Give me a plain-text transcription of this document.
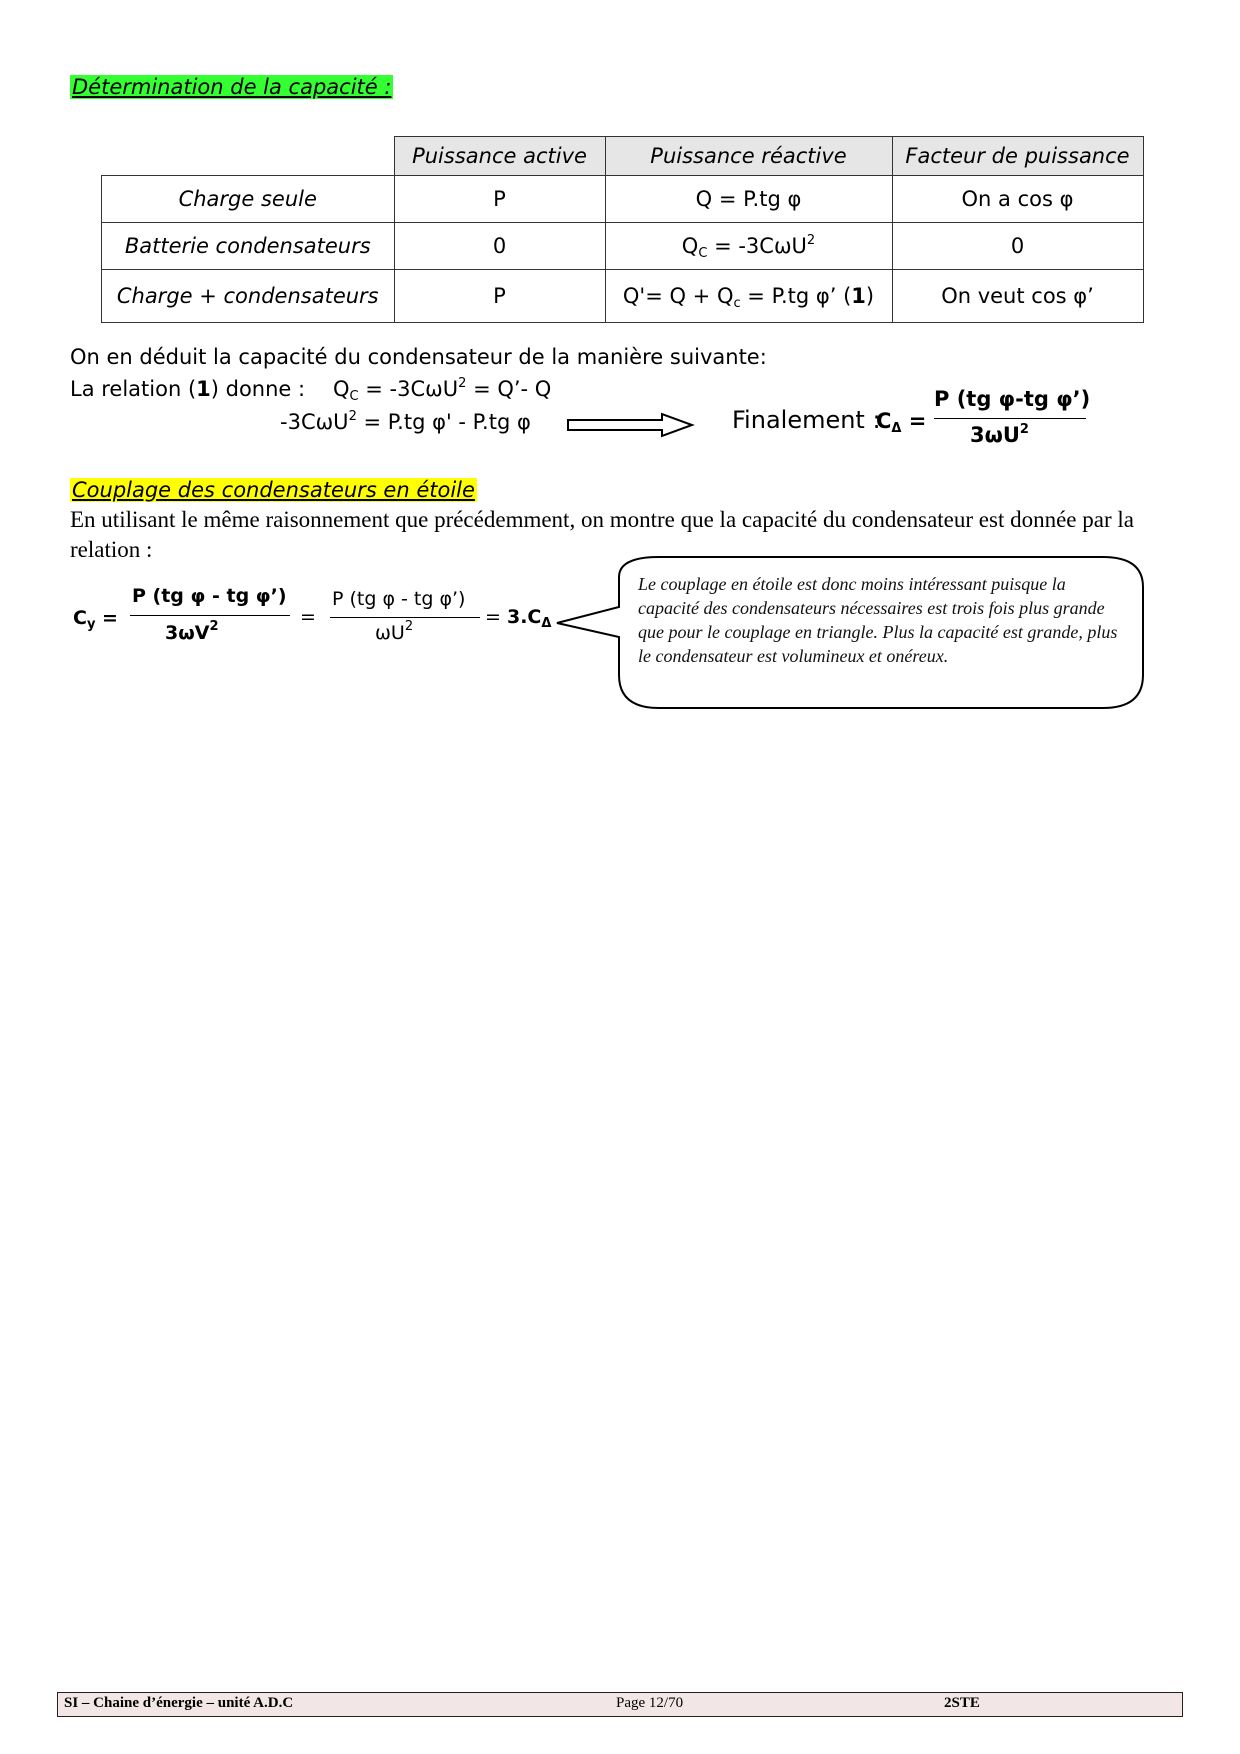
Détermination de la capacité :
	Puissance active	Puissance réactive	Facteur de puissance
Charge seule	P	Q = P.tg φ	On a cos φ
Batterie condensateurs	0	$Q_C = -3C\omega U^2$	0
Charge + condensateurs	P	$Q'= Q + Q_c = P.tg$ φ’ (1)	On veut cos φ’
On en déduit la capacité du condensateur de la manière suivante:
La relation (1) donne : $Q_C = -3C\omega U^2$ = Q’- Q
-3CωU$^2$ = P.tg φ' - P.tg φ	Finalement :
$C_\Delta$ =
P (tg φ-tg φ’)
$3\omega U^2$
Couplage des condensateurs en étoile
En utilisant le même raisonnement que précédemment, on montre que la capacité du condensateur est donnée par la relation :
$C_y$ =
P (tg φ - tg φ’)
$3\omega V^2$	=
P (tg φ - tg φ’)
$\omega U^2$	= $3.C_\Delta$
Le couplage en étoile est donc moins intéressant puisque la capacité des condensateurs nécessaires est trois fois plus grande que pour le couplage en triangle. Plus la capacité est grande, plus le condensateur est volumineux et onéreux.
SI – Chaine d’énergie – unité A.D.C	Page 12/70	2STE
